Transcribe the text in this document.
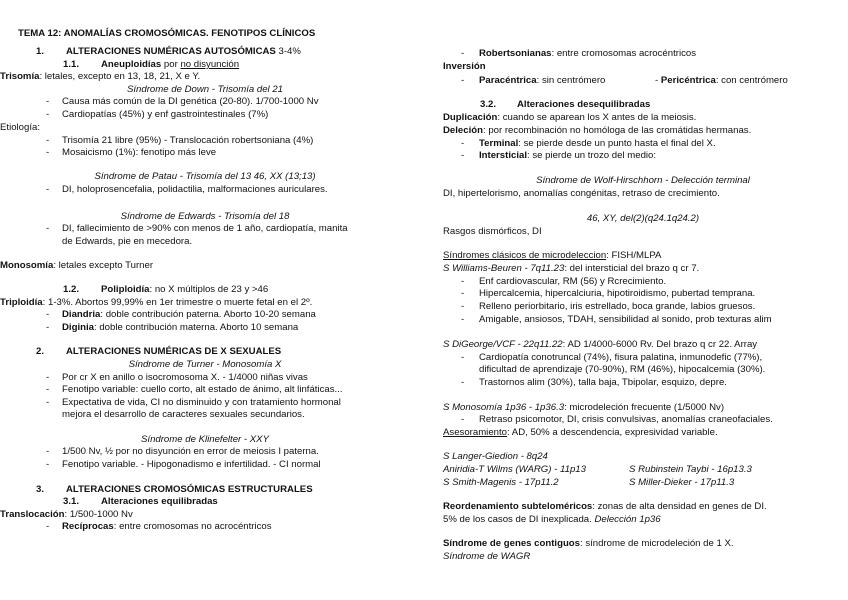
TEMA 12: ANOMALÍAS CROMOSÓMICAS. FENOTIPOS CLÍNICOS
1. ALTERACIONES NUMÉRICAS AUTOSÓMICAS 3-4%
1.1. Aneuploidías por no disyunción
Trisomía: letales, excepto en 13, 18, 21, X e Y.
Síndrome de Down - Trisomía del 21
- Causa más común de la DI genética (20-80). 1/700-1000 Nv
- Cardiopatías (45%) y enf gastrointestinales (7%)
Etiología:
- Trisomía 21 libre (95%) - Translocación robertsoniana (4%)
- Mosaicismo (1%): fenotipo más leve
Síndrome de Patau - Trisomía del 13 46, XX (13;13)
- DI, holoprosencefalia, polidactilia, malformaciones auriculares.
Síndrome de Edwards - Trisomía del 18
- DI, fallecimiento de >90% con menos de 1 año, cardiopatía, manita
de Edwards, pie en mecedora.
Monosomía: letales excepto Turner
1.2. Poliploidía: no X múltiplos de 23 y >46
Triploidía: 1-3%. Abortos 99,99% en 1er trimestre o muerte fetal en el 2º.
- Diandria: doble contribución paterna. Aborto 10-20 semana
- Diginia: doble contribución materna. Aborto 10 semana
2. ALTERACIONES NUMÉRICAS DE X SEXUALES
Síndrome de Turner - Monosomía X
- Por cr X en anillo o isocromosoma X. - 1/4000 niñas vivas
- Fenotipo variable: cuello corto, alt estado de ánimo, alt linfáticas...
- Expectativa de vida, CI no disminuido y con tratamiento hormonal
mejora el desarrollo de caracteres sexuales secundarios.
Síndrome de Klinefelter - XXY
- 1/500 Nv, ½ por no disyunción en error de meiosis I paterna.
- Fenotipo variable. - Hipogonadismo e infertilidad. - CI normal
3. ALTERACIONES CROMOSÓMICAS ESTRUCTURALES
3.1. Alteraciones equilibradas
Translocación: 1/500-1000 Nv
- Recíprocas: entre cromosomas no acrocéntricos
- Robertsonianas: entre cromosomas acrocéntricos
Inversión
- Paracéntrica: sin centrómero	- Pericéntrica: con centrómero
3.2. Alteraciones desequilibradas
Duplicación: cuando se aparean los X antes de la meiosis.
Deleción: por recombinación no homóloga de las cromátidas hermanas.
- Terminal: se pierde desde un punto hasta el final del X.
- Intersticial: se pierde un trozo del medio:
Síndrome de Wolf-Hirschhorn - Delección terminal
DI, hipertelorismo, anomalías congénitas, retraso de crecimiento.
46, XY, del(2)(q24.1q24.2)
Rasgos dismórficos, DI
Síndromes clásicos de microdeleccion: FISH/MLPA
S Williams-Beuren - 7q11.23: del intersticial del brazo q cr 7.
- Enf cardiovascular, RM (56) y Rcrecimiento.
- Hipercalcemia, hipercalciuria, hipotiroidismo, pubertad temprana.
- Relleno periorbitario, iris estrellado, boca grande, labios gruesos.
- Amigable, ansiosos, TDAH, sensibilidad al sonido, prob texturas alim
S DiGeorge/VCF - 22q11.22: AD 1/4000-6000 Rv. Del brazo q cr 22. Array
- Cardiopatía conotruncal (74%), fisura palatina, inmunodefic (77%),
dificultad de aprendizaje (70-90%), RM (46%), hipocalcemia (30%).
- Trastornos alim (30%), talla baja, Tbipolar, esquizo, depre.
S Monosomía 1p36 - 1p36.3: microdeleción frecuente (1/5000 Nv)
- Retraso psicomotor, DI, crisis convulsivas, anomalías craneofaciales.
Asesoramiento: AD, 50% a descendencia, expresividad variable.
S Langer-Giedion - 8q24
Aniridia-T Wilms (WARG) - 11p13	S Rubinstein Taybi - 16p13.3
S Smith-Magenis - 17p11.2	S Miller-Dieker - 17p11.3
Reordenamiento subteloméricos: zonas de alta densidad en genes de DI.
5% de los casos de DI inexplicada. Delección 1p36
Síndrome de genes contiguos: síndrome de microdeleción de 1 X.
Síndrome de WAGR
